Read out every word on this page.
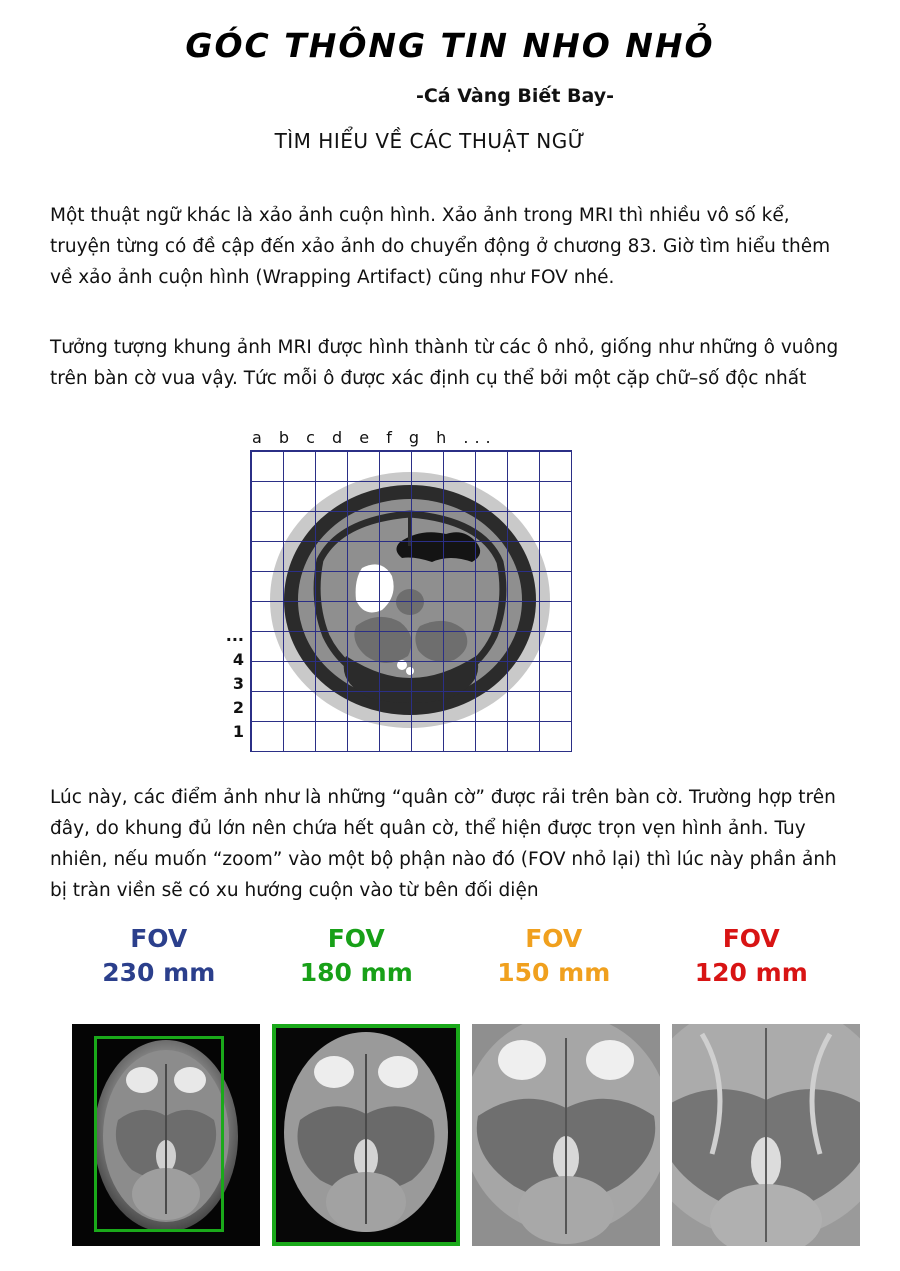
GÓC THÔNG TIN NHO NHỎ
-Cá Vàng Biết Bay-
TÌM HIỂU VỀ CÁC THUẬT NGỮ
Một thuật ngữ khác là xảo ảnh cuộn hình. Xảo ảnh trong MRI thì nhiều vô số kể, truyện từng có đề cập đến xảo ảnh do chuyển động ở chương 83. Giờ tìm hiểu thêm về xảo ảnh cuộn hình (Wrapping Artifact) cũng như FOV nhé.
Tưởng tượng khung ảnh MRI được hình thành từ các ô nhỏ, giống như những ô vuông trên bàn cờ vua vậy. Tức mỗi ô được xác định cụ thể bởi một cặp chữ–số độc nhất
a b c d e f g h ...
...
4
3
2
1
Lúc này, các điểm ảnh như là những “quân cờ” được rải trên bàn cờ. Trường hợp trên đây, do khung đủ lớn nên chứa hết quân cờ, thể hiện được trọn vẹn hình ảnh. Tuy nhiên, nếu muốn “zoom” vào một bộ phận nào đó (FOV nhỏ lại) thì lúc này phần ảnh bị tràn viền sẽ có xu hướng cuộn vào từ bên đối diện
FOV
230 mm
FOV
180 mm
FOV
150 mm
FOV
120 mm
